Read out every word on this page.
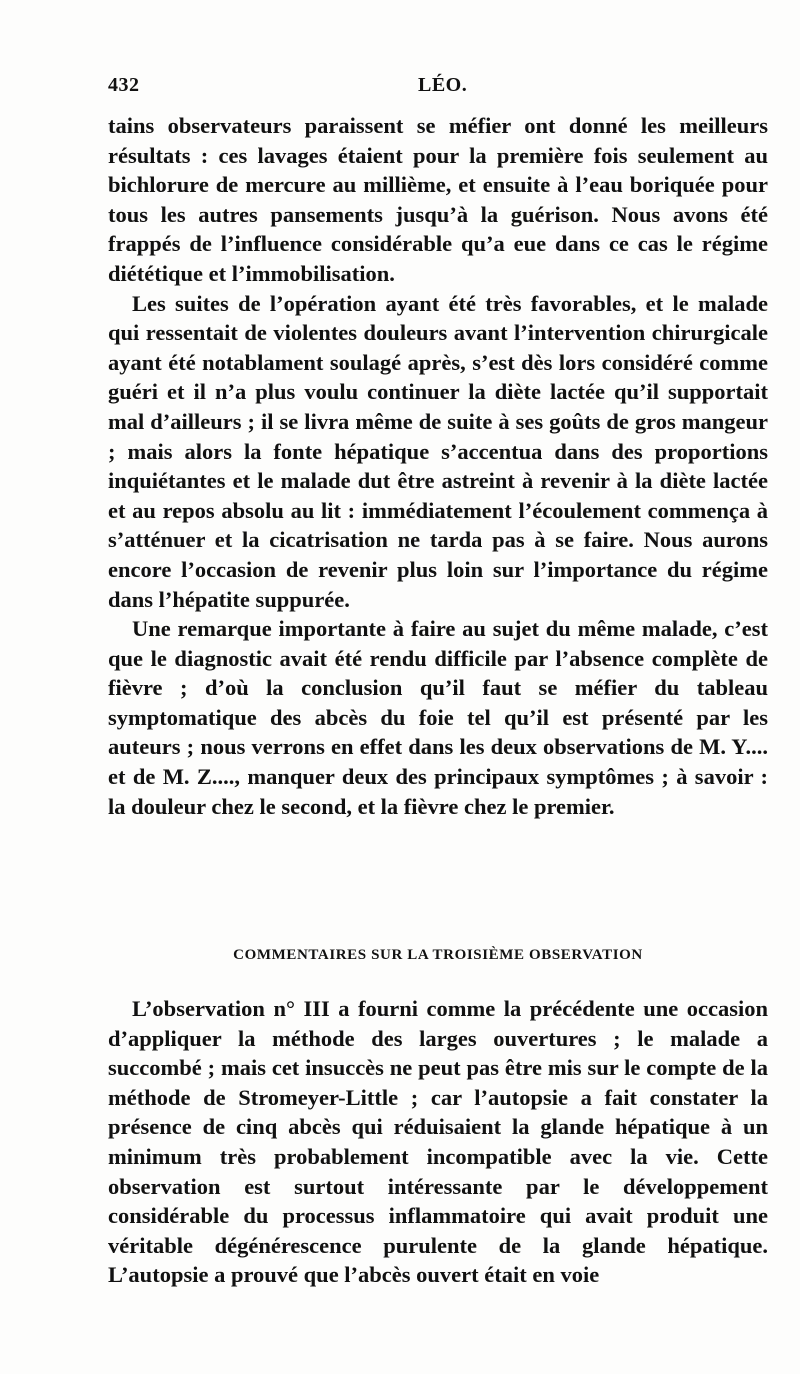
432	LÉO.

tains observateurs paraissent se méfier ont donné les meilleurs résultats : ces lavages étaient pour la première fois seulement au bichlorure de mercure au millième, et ensuite à l’eau boriquée pour tous les autres pansements jusqu’à la guérison. Nous avons été frappés de l’influence considérable qu’a eue dans ce cas le régime diététique et l’immobilisation.

Les suites de l’opération ayant été très favorables, et le malade qui ressentait de violentes douleurs avant l’intervention chirurgicale ayant été notablament soulagé après, s’est dès lors considéré comme guéri et il n’a plus voulu continuer la diète lactée qu’il supportait mal d’ailleurs ; il se livra même de suite à ses goûts de gros mangeur ; mais alors la fonte hépatique s’accentua dans des proportions inquiétantes et le malade dut être astreint à revenir à la diète lactée et au repos absolu au lit : immédiatement l’écoulement commença à s’atténuer et la cicatrisation ne tarda pas à se faire. Nous aurons encore l’occasion de revenir plus loin sur l’importance du régime dans l’hépatite suppurée.

Une remarque importante à faire au sujet du même malade, c’est que le diagnostic avait été rendu difficile par l’absence complète de fièvre ; d’où la conclusion qu’il faut se méfier du tableau symptomatique des abcès du foie tel qu’il est présenté par les auteurs ; nous verrons en effet dans les deux observations de M. Y.... et de M. Z...., manquer deux des principaux symptômes ; à savoir : la douleur chez le second, et la fièvre chez le premier.

COMMENTAIRES SUR LA TROISIÈME OBSERVATION

L’observation n° III a fourni comme la précédente une occasion d’appliquer la méthode des larges ouvertures ; le malade a succombé ; mais cet insuccès ne peut pas être mis sur le compte de la méthode de Stromeyer-Little ; car l’autopsie a fait constater la présence de cinq abcès qui réduisaient la glande hépatique à un minimum très probablement incompatible avec la vie. Cette observation est surtout intéressante par le développement considérable du processus inflammatoire qui avait produit une véritable dégénérescence purulente de la glande hépatique. L’autopsie a prouvé que l’abcès ouvert était en voie
